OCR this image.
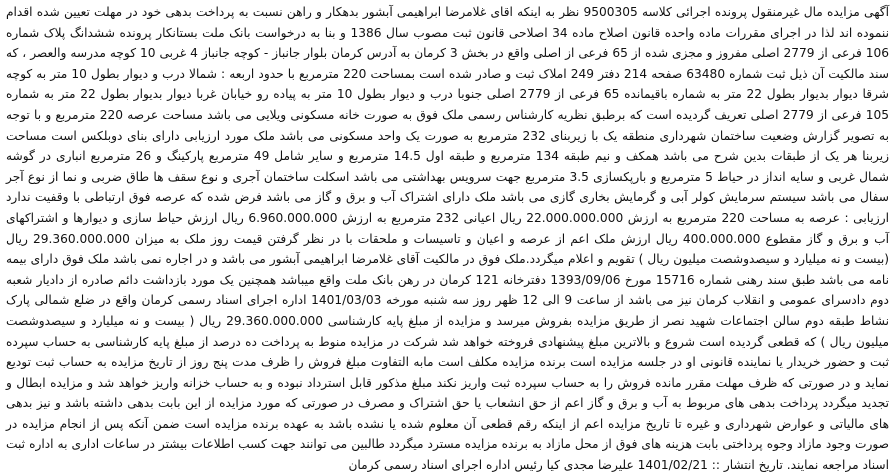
آگهی مزایده مال غیرمنقول پرونده اجرائی کلاسه 9500305 نظر به اینکه اقای غلامرضا ابراهیمی آبشور بدهکار و راهن نسبت به پرداخت بدهی خود در مهلت تعیین شده اقدام ننموده اند لذا در اجرای مقررات ماده واحده قانون اصلاح ماده 34 اصلاحی قانون ثبت مصوب سال 1386 و بنا به درخواست بانک ملت بستانکار پرونده ششدانگ پلاک شماره 106 فرعی از 2779 اصلی مفروز و مجزی شده از 65 فرعی از اصلی واقع در بخش 3 کرمان به آدرس کرمان بلوار جانباز - کوچه جانباز 4 غربی 10 کوچه مدرسه والعصر ، که سند مالکیت آن ذیل ثبت شماره 63480 صفحه 214 دفتر 249 املاک ثبت و صادر شده است بمساحت 220 مترمربع با حدود اربعه : شمالا درب و دیوار بطول 10 متر به کوچه شرقا دیوار بدیوار بطول 22 متر به شماره باقیمانده 65 فرعی از 2779 اصلی جنوبا درب و دیوار بطول 10 متر به پیاده رو خیابان غربا دیوار بدیوار بطول 22 متر به شماره 105 فرعی از 2779 اصلی تعریف گردیده است که برطبق نظریه کارشناس رسمی ملک فوق به صورت خانه مسکونی ویلایی می باشد مساحت عرصه 220 مترمربع و با توجه به تصویر گزارش وضعیت ساختمان شهرداری منطقه یک با زیربنای 232 مترمربع به صورت یک واحد مسکونی می باشد ملک مورد ارزیابی دارای بنای دوبلکس است مساحت زیربنا هر یک از طبقات بدین شرح می باشد همکف و نیم طبقه 134 مترمربع و طبقه اول 14.5 مترمربع و سایر شامل 49 مترمربع پارکینگ و 26 مترمربع انباری در گوشه شمال غربی و سایه انداز در حیاط 5 مترمربع و بارپکسازی 3.5 مترمربع جهت سرویس بهداشتی می باشد اسکلت ساختمان آجری و نوع سقف ها طاق ضربی و نما از نوع آجر سفال می باشد سیستم سرمایش کولر آبی و گرمایش بخاری گازی می باشد ملک دارای اشتراک آب و برق و گاز می باشد فرض شده که عرصه فوق ارتباطی با وقفیت ندارد ارزیابی : عرصه به مساحت 220 مترمربع به ارزش 22.000.000.000 ریال اعیانی 232 مترمربع به ارزش 6.960.000.000 ریال ارزش حیاط سازی و دیوارها و اشتراکهای آب و برق و گاز مقطوع 400.000.000 ریال ارزش ملک اعم از عرصه و اعیان و تاسیسات و ملحقات با در نظر گرفتن قیمت روز ملک به میزان 29.360.000.000 ریال (بیست و نه میلیارد و سیصدوشصت میلیون ریال ) تقویم و اعلام میگردد.ملک فوق در مالکیت آقای غلامرضا ابراهیمی آبشور می باشد و در اجاره نمی باشد ملک فوق دارای بیمه نامه می باشد طبق سند رهنی شماره 15716 مورخ 1393/09/06 دفترخانه 121 کرمان در رهن بانک ملت واقع میباشد همچنین یک مورد بازداشت دائم صادره از دادیار شعبه دوم دادسرای عمومی و انقلاب کرمان نیز می باشد از ساعت 9 الی 12 ظهر روز سه شنبه مورخه 1401/03/03 اداره اجرای اسناد رسمی کرمان واقع در ضلع شمالی پارک نشاط طبقه دوم سالن اجتماعات شهید نصر از طریق مزایده بفروش میرسد و مزایده از مبلغ پایه کارشناسی 29.360.000.000 ریال ( بیست و نه میلیارد و سیصدوشصت میلیون ریال ) که قطعی گردیده است شروع و بالاترین مبلغ پیشنهادی فروخته خواهد شد شرکت در مزایده منوط به پرداخت ده درصد از مبلغ پایه کارشناسی به حساب سپرده ثبت و حضور خریدار یا نماینده قانونی او در جلسه مزایده است برنده مزایده مکلف است مابه التفاوت مبلغ فروش را ظرف مدت پنج روز از تاریخ مزایده به حساب ثبت تودیع نماید و در صورتی که ظرف مهلت مقرر مانده فروش را به حساب سپرده ثبت واریز نکند مبلغ مذکور قابل استرداد نبوده و به حساب خزانه واریز خواهد شد و مزایده ابطال و تجدید میگردد پرداخت بدهی های مربوط به آب و برق و گاز اعم از حق انشعاب یا حق اشتراک و مصرف در صورتی که مورد مزایده از این بابت بدهی داشته باشد و نیز بدهی های مالیاتی و عوارض شهرداری و غیره تا تاریخ مزایده اعم از اینکه رقم قطعی آن معلوم شده یا نشده باشد به عهده برنده مزایده است ضمن آنکه پس از انجام مزایده در صورت وجود مازاد وجوه پرداختی بابت هزینه های فوق از محل مازاد به برنده مزایده مسترد میگردد طالبین می توانند جهت کسب اطلاعات بیشتر در ساعات اداری به اداره ثبت اسناد مراجعه نمایند. تاریخ انتشار :: 1401/02/21 علیرضا مجدی کیا رئیس اداره اجرای اسناد رسمی کرمان
